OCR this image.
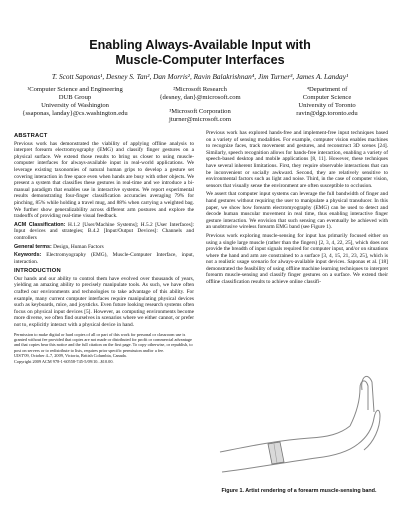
Enabling Always-Available Input with
Muscle-Computer Interfaces
T. Scott Saponas¹, Desney S. Tan², Dan Morris², Ravin Balakrishnan⁴, Jim Turner³, James A. Landay¹
¹Computer Science and Engineering
DUB Group
University of Washington
{ssaponas, landay}@cs.washington.edu
²Microsoft Research
{desney, dan}@microsoft.com
³Microsoft Corporation
jturner@microsoft.com
⁴Department of
Computer Science
University of Toronto
ravin@dgp.toronto.edu
ABSTRACT

Previous work has demonstrated the viability of applying offline analysis to interpret forearm electromyography (EMG) and classify finger gestures on a physical surface. We extend those results to bring us closer to using muscle-computer interfaces for always-available input in real-world applications. We leverage existing taxonomies of natural human grips to develop a gesture set covering interaction in free space even when hands are busy with other objects. We present a system that classifies these gestures in real-time and we introduce a bi-manual paradigm that enables use in interactive systems. We report experimental results demonstrating four-finger classification accuracies averaging 79% for pinching, 85% while holding a travel mug, and 88% when carrying a weighted bag. We further show generalizability across different arm postures and explore the tradeoffs of providing real-time visual feedback.

ACM Classification: H.1.2 [User/Machine Systems]; H.5.2 [User Interfaces]: Input devices and strategies; B.4.2 [Input/Output Devices]: Channels and controllers

General terms: Design, Human Factors

Keywords: Electromyography (EMG), Muscle-Computer Interface, input, interaction.

INTRODUCTION

Our hands and our ability to control them have evolved over thousands of years, yielding an amazing ability to precisely manipulate tools. As such, we have often crafted our environments and technologies to take advantage of this ability. For example, many current computer interfaces require manipulating physical devices such as keyboards, mice, and joysticks. Even future looking research systems often focus on physical input devices [5]. However, as computing environments become more diverse, we often find ourselves in scenarios where we either cannot, or prefer not to, explicitly interact with a physical device in hand.

Permission to make digital or hard copies of all or part of this work for personal or classroom use is granted without fee provided that copies are not made or distributed for profit or commercial advantage and that copies bear this notice and the full citation on the first page. To copy otherwise, or republish, to post on servers or to redistribute to lists, requires prior specific permission and/or a fee.
UIST'09, October 4–7, 2009, Victoria, British Columbia, Canada.
Copyright 2009 ACM 978-1-60558-745-5/09/10...$10.00.

Previous work has explored hands-free and implement-free input techniques based on a variety of sensing modalities. For example, computer vision enables machines to recognize faces, track movement and gestures, and reconstruct 3D scenes [24]. Similarly, speech recognition allows for hands-free interaction, enabling a variety of speech-based desktop and mobile applications [8, 11]. However, these techniques have several inherent limitations. First, they require observable interactions that can be inconvenient or socially awkward. Second, they are relatively sensitive to environmental factors such as light and noise. Third, in the case of computer vision, sensors that visually sense the environment are often susceptible to occlusion.

We assert that computer input systems can leverage the full bandwidth of finger and hand gestures without requiring the user to manipulate a physical transducer. In this paper, we show how forearm electromyography (EMG) can be used to detect and decode human muscular movement in real time, thus enabling interactive finger gesture interaction. We envision that such sensing can eventually be achieved with an unobtrusive wireless forearm EMG band (see Figure 1).

Previous work exploring muscle-sensing for input has primarily focused either on using a single large muscle (rather than the fingers) [2, 3, 4, 22, 25], which does not provide the breadth of input signals required for computer input, and/or on situations where the hand and arm are constrained to a surface [3, 4, 15, 21, 23, 25], which is not a realistic usage scenario for always-available input devices. Saponas et al. [18] demonstrated the feasibility of using offline machine learning techniques to interpret forearm muscle-sensing and classify finger gestures on a surface. We extend their offline classification results to achieve online classifi-

Figure 1. Artist rendering of a forearm muscle-sensing band.
